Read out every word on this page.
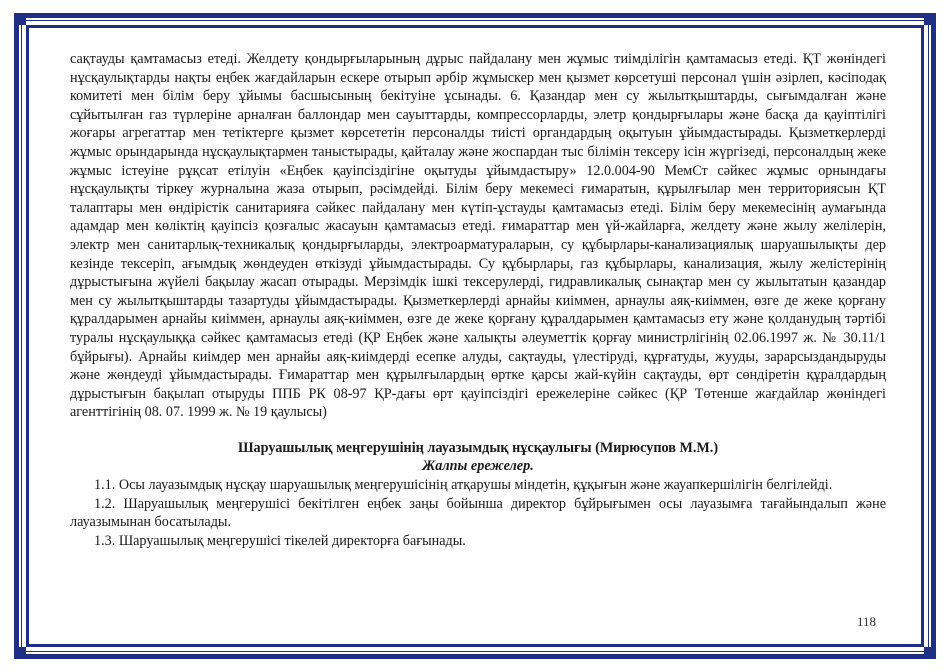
сақтауды қамтамасыз етеді. Желдету қондырғыларының дұрыс пайдалану мен жұмыс тиімділігін қамтамасыз етеді. ҚТ жөніндегі нұсқаулықтарды нақты еңбек жағдайларын ескере отырып әрбір жұмыскер мен қызмет көрсетуші персонал үшін әзірлеп, кәсіподақ комитеті мен білім беру ұйымы басшысының бекітуіне ұсынады. 6. Қазандар мен су жылытқыштарды, сығымдалған және сұйытылған газ түрлеріне арналған баллондар мен сауыттарды, компрессорларды, элетр қондырғылары және басқа да қауіптілігі жоғары агрегаттар мен тетіктерге қызмет көрсететін персоналды тиісті оргaндардың оқытуын ұйымдастырады. Қызметкерлерді жұмыс орындарында нұсқаулықтармен таныстырады, қайталау және жоспардан тыс білімін тексеру ісін жүргізеді, персоналдың жеке жұмыс істеуіне рұқсат етілуін «Еңбек қауіпсіздігіне оқытуды ұйымдастыру» 12.0.004-90 МемСт сәйкес жұмыс орнындағы нұсқаулықты тіркеу журналына жаза отырып, рәсімдейді. Білім беру мекемесі ғимаратын, құрылғылар мен территориясын ҚТ талаптары мен өндірістік санитарияға сәйкес пайдалану мен күтіп-ұстауды қамтамасыз етеді. Білім беру мекемесінің аумағында адамдар мен көліктің қауіпсіз қозғалыс жасауын қамтамасыз етеді. ғимараттар мен үй-жайларға, желдету және жылу желілерін, электр мен санитарлық-техникалық қондырғыларды, электроарматураларын, су құбырлары-канализациялық шаруашылықты дер кезінде тексеріп, ағымдық жөндеуден өткізуді ұйымдастырады. Су құбырлары, газ құбырлары, канализация, жылу желістерінің дұрыстығына жүйелі бақылау жасап отырады. Мерзімдік ішкі тексерулерді, гидравликалық сынақтар мен су жылытатын қазандар мен су жылытқыштарды тазартуды ұйымдастырады. Қызметкерлерді арнайы киіммен, арнаулы аяқ-киіммен, өзге де жеке қорғану құралдарымен арнайы киіммен, арнаулы аяқ-киіммен, өзге де жеке қорғану құралдарымен қамтамасыз ету және қолданудың тәртібі туралы нұсқаулыққа сәйкес қамтамасыз етеді (ҚР Еңбек және халықты әлеуметтік қорғау министрлігінің 02.06.1997 ж. № 30.11/1 бұйрығы). Арнайы киімдер мен арнайы аяқ-киімдерді есепке алуды, сақтауды, үлестіруді, құрғатуды, жууды, зарарсыздандыруды және жөндеуді ұйымдастырады. Ғимараттар мен құрылғылардың өртке қарсы жай-күйін сақтауды, өрт сөндіретін құралдардың дұрыстығын бақылап отыруды ППБ РК 08-97 ҚР-дағы өрт қауіпсіздігі ережелеріне сәйкес (ҚР Төтенше жағдайлар жөніндегі агенттігінің 08. 07. 1999 ж. № 19 қаулысы)

Шаруашылық меңгерушінің лауазымдық нұсқаулығы (Мирюсупов М.М.)

Жалпы ережелер.

1.1. Осы лауазымдық нұсқау шаруашылық меңгерушісінің атқарушы міндетін, құқығын және жауапкершілігін белгілейді.

1.2. Шаруашылық меңгерушісі бекітілген еңбек заңы бойынша директор бұйрығымен осы лауазымға тағайындалып және лауазымынан босатылады.

1.3. Шаруашылық меңгерушісі тікелей директорға бағынады.

118
